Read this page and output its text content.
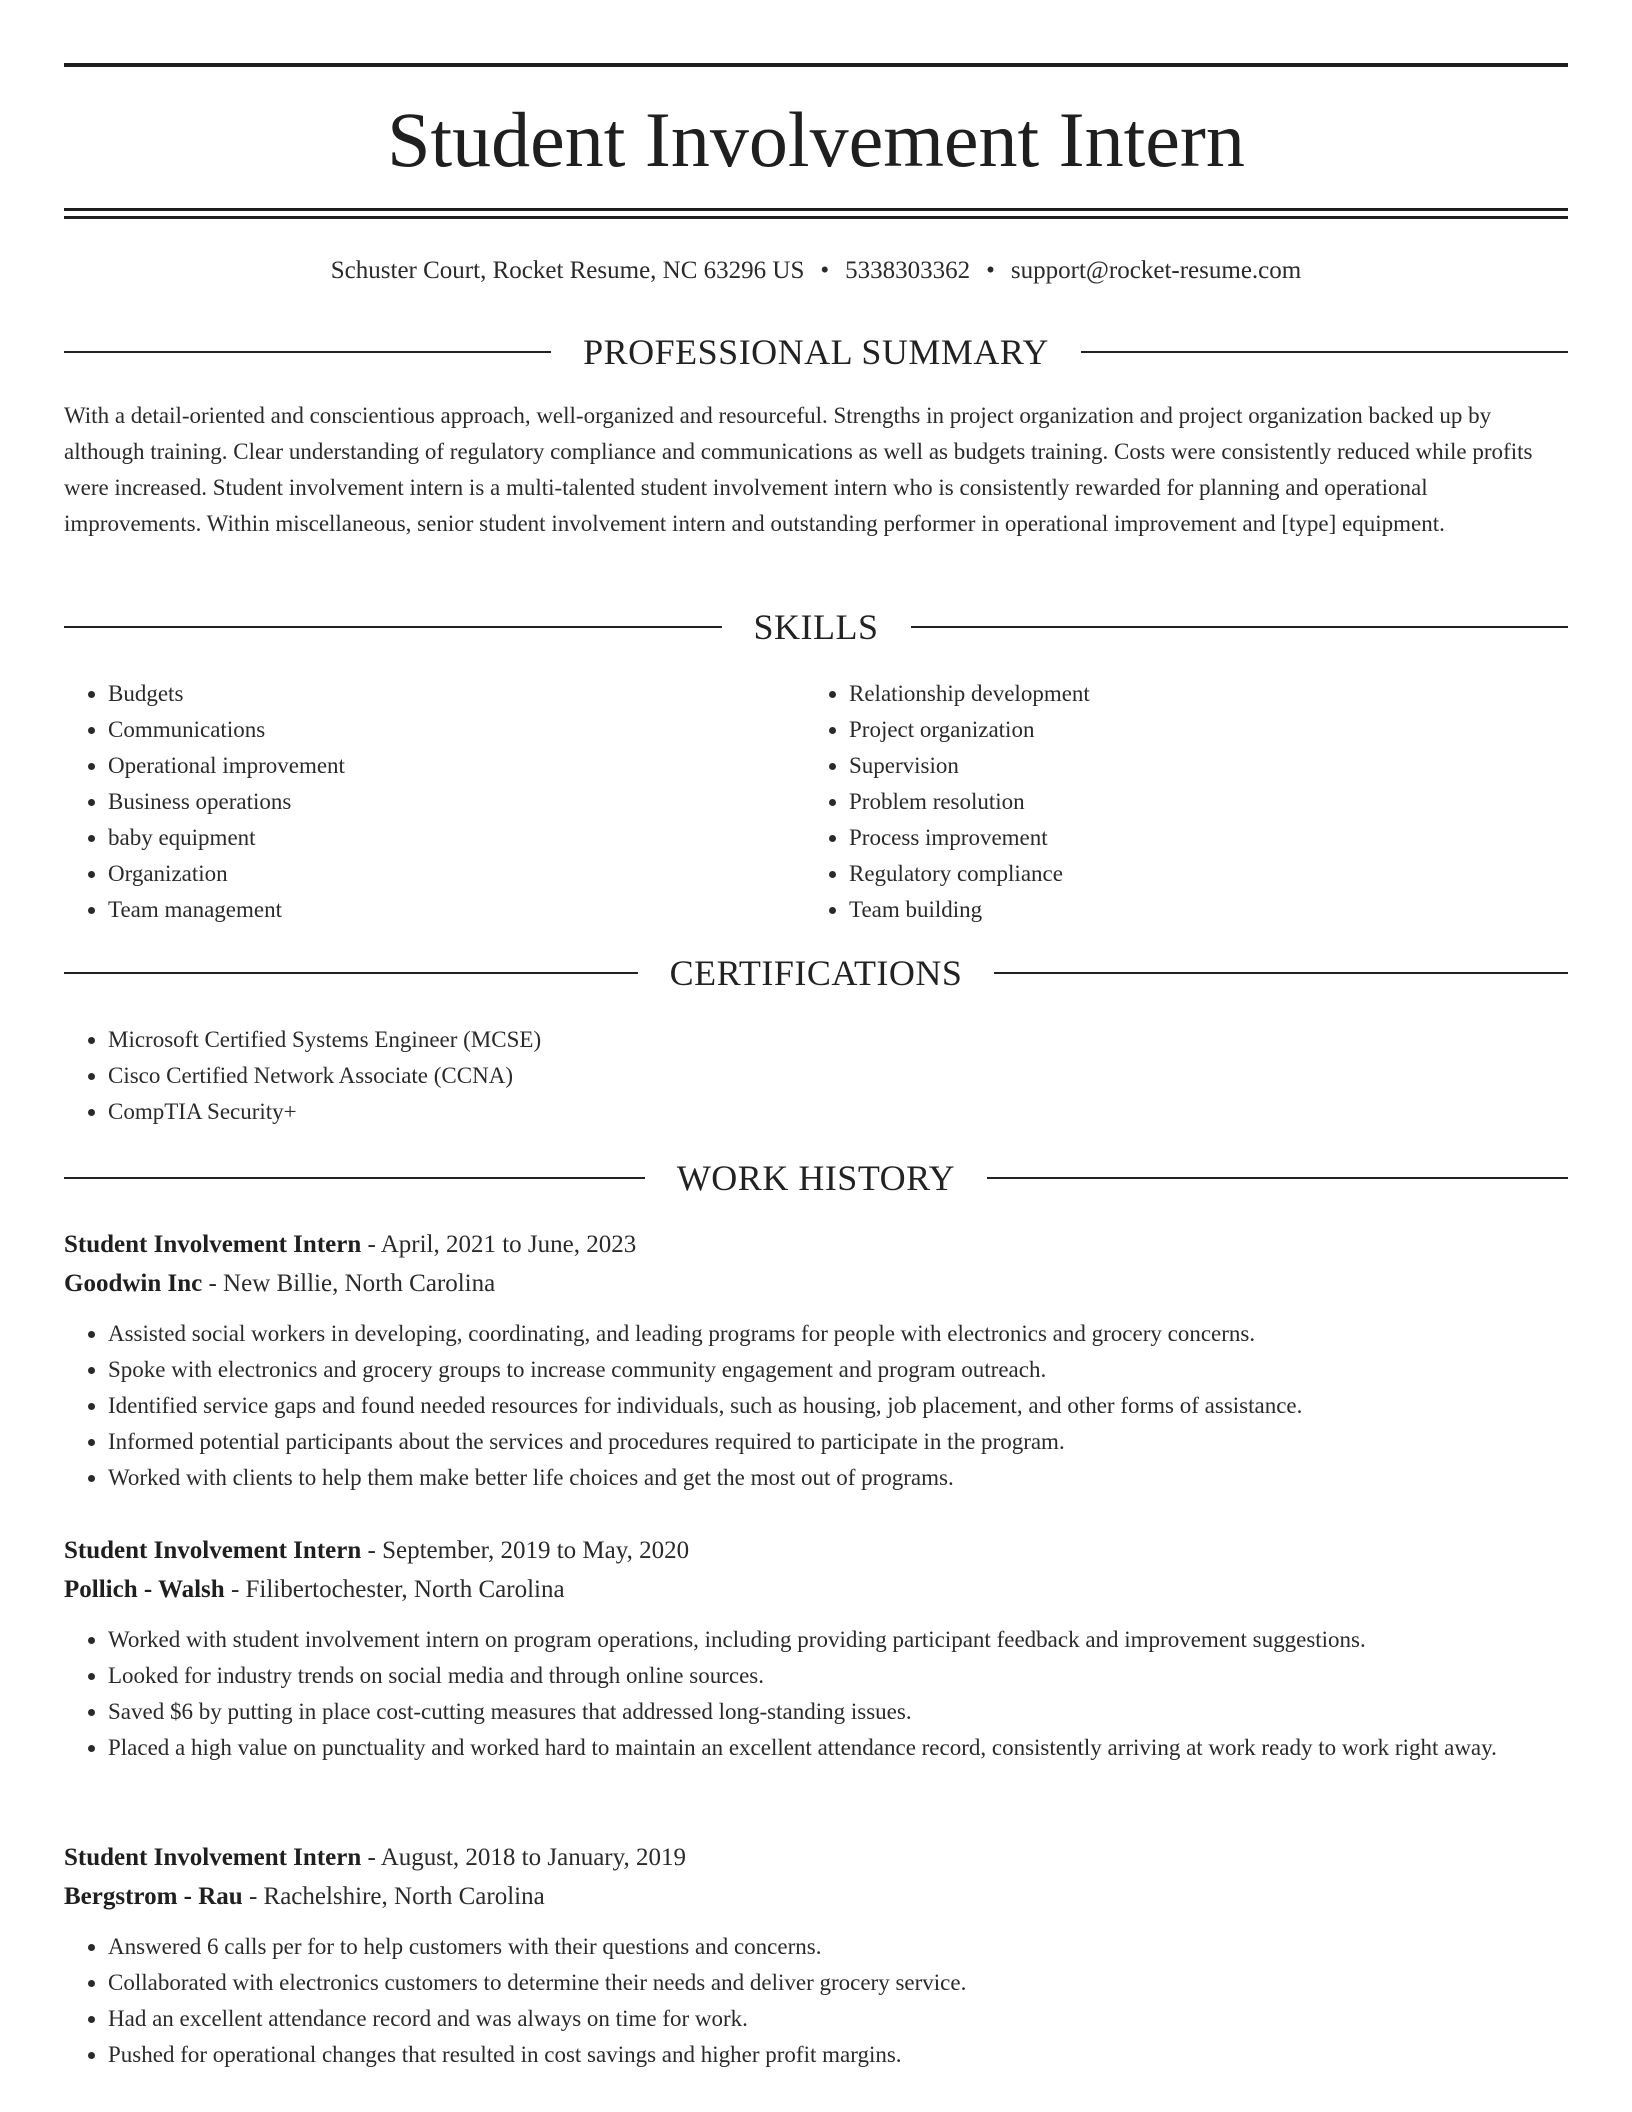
Student Involvement Intern
Schuster Court, Rocket Resume, NC 63296 US • 5338303362 • support@rocket-resume.com
PROFESSIONAL SUMMARY

With a detail-oriented and conscientious approach, well-organized and resourceful. Strengths in project organization and project organization backed up by although training. Clear understanding of regulatory compliance and communications as well as budgets training. Costs were consistently reduced while profits were increased. Student involvement intern is a multi-talented student involvement intern who is consistently rewarded for planning and operational improvements. Within miscellaneous, senior student involvement intern and outstanding performer in operational improvement and [type] equipment.

SKILLS
• Budgets
• Communications
• Operational improvement
• Business operations
• baby equipment
• Organization
• Team management
• Relationship development
• Project organization
• Supervision
• Problem resolution
• Process improvement
• Regulatory compliance
• Team building
CERTIFICATIONS
• Microsoft Certified Systems Engineer (MCSE)
• Cisco Certified Network Associate (CCNA)
• CompTIA Security+
WORK HISTORY
Student Involvement Intern - April, 2021 to June, 2023
Goodwin Inc - New Billie, North Carolina
• Assisted social workers in developing, coordinating, and leading programs for people with electronics and grocery concerns.
• Spoke with electronics and grocery groups to increase community engagement and program outreach.
• Identified service gaps and found needed resources for individuals, such as housing, job placement, and other forms of assistance.
• Informed potential participants about the services and procedures required to participate in the program.
• Worked with clients to help them make better life choices and get the most out of programs.
Student Involvement Intern - September, 2019 to May, 2020
Pollich - Walsh - Filibertochester, North Carolina
• Worked with student involvement intern on program operations, including providing participant feedback and improvement suggestions.
• Looked for industry trends on social media and through online sources.
• Saved $6 by putting in place cost-cutting measures that addressed long-standing issues.
• Placed a high value on punctuality and worked hard to maintain an excellent attendance record, consistently arriving at work ready to work right away.
Student Involvement Intern - August, 2018 to January, 2019
Bergstrom - Rau - Rachelshire, North Carolina
• Answered 6 calls per for to help customers with their questions and concerns.
• Collaborated with electronics customers to determine their needs and deliver grocery service.
• Had an excellent attendance record and was always on time for work.
• Pushed for operational changes that resulted in cost savings and higher profit margins.
